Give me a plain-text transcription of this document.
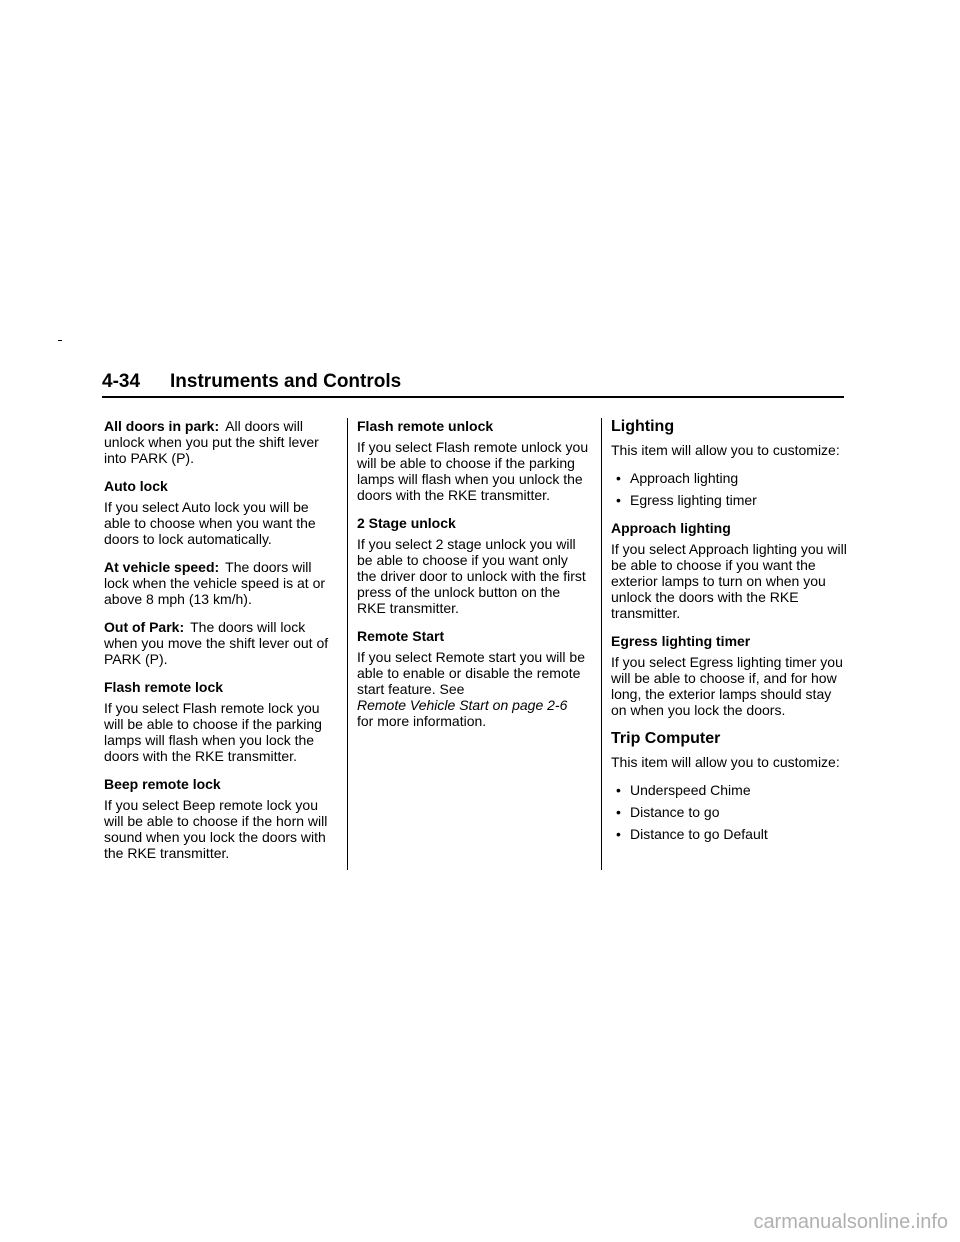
4-34 Instruments and Controls

All doors in park: All doors will unlock when you put the shift lever into PARK (P).

Auto lock

If you select Auto lock you will be able to choose when you want the doors to lock automatically.

At vehicle speed: The doors will lock when the vehicle speed is at or above 8 mph (13 km/h).

Out of Park: The doors will lock when you move the shift lever out of PARK (P).

Flash remote lock

If you select Flash remote lock you will be able to choose if the parking lamps will flash when you lock the doors with the RKE transmitter.

Beep remote lock

If you select Beep remote lock you will be able to choose if the horn will sound when you lock the doors with the RKE transmitter.

Flash remote unlock

If you select Flash remote unlock you will be able to choose if the parking lamps will flash when you unlock the doors with the RKE transmitter.

2 Stage unlock

If you select 2 stage unlock you will be able to choose if you want only the driver door to unlock with the first press of the unlock button on the RKE transmitter.

Remote Start

If you select Remote start you will be able to enable or disable the remote start feature. See
Remote Vehicle Start on page 2-6
for more information.

Lighting

This item will allow you to customize:

• Approach lighting
• Egress lighting timer
Approach lighting

If you select Approach lighting you will be able to choose if you want the exterior lamps to turn on when you unlock the doors with the RKE transmitter.

Egress lighting timer

If you select Egress lighting timer you will be able to choose if, and for how long, the exterior lamps should stay on when you lock the doors.

Trip Computer

This item will allow you to customize:

• Underspeed Chime
• Distance to go
• Distance to go Default
carmanualsonline.info
